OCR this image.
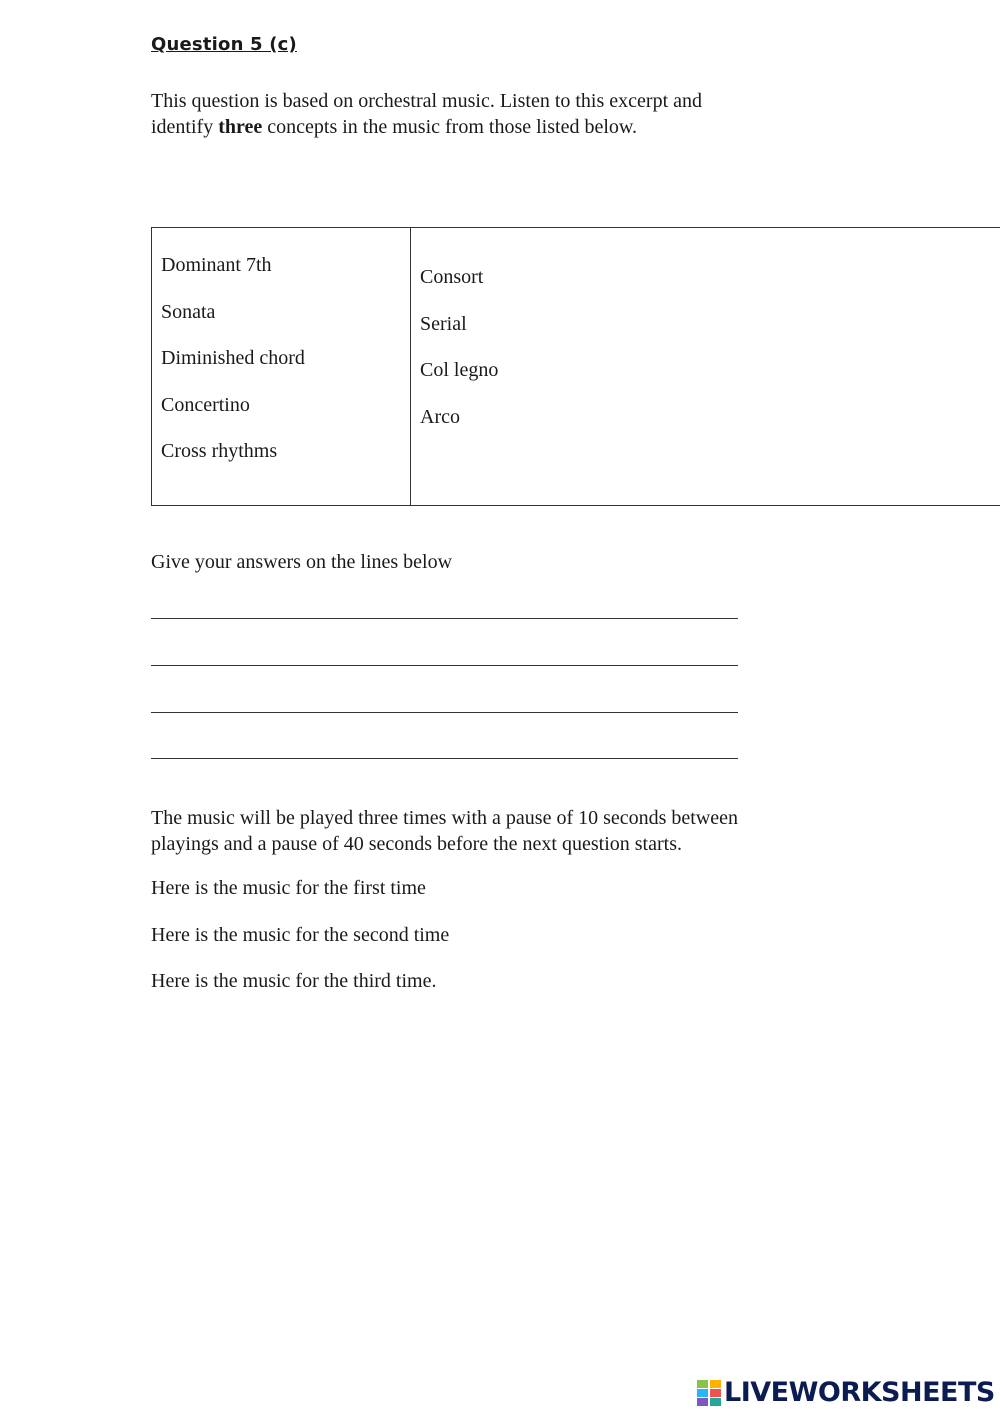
Question 5 (c)
This question is based on orchestral music. Listen to this excerpt and
identify three concepts in the music from those listed below.
Dominant 7th
Sonata
Diminished chord
Concertino
Cross rhythms
Consort
Serial
Col legno
Arco
Give your answers on the lines below
The music will be played three times with a pause of 10 seconds between
playings and a pause of 40 seconds before the next question starts.
Here is the music for the first time
Here is the music for the second time
Here is the music for the third time.
LIVEWORKSHEETS
